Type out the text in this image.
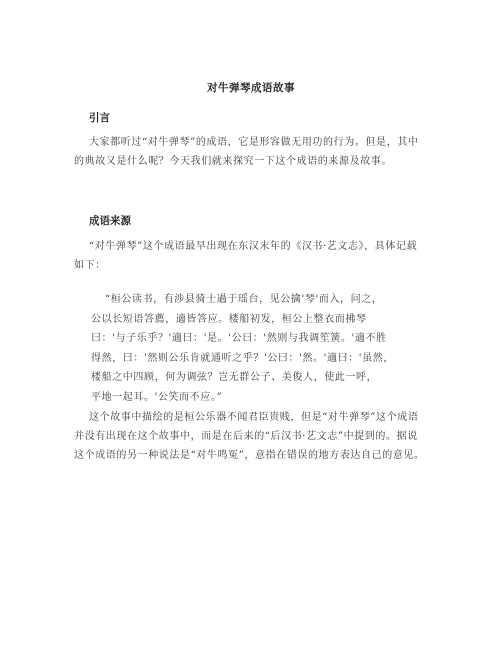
对牛弹琴成语故事
引言

大家都听过“对牛弹琴”的成语，它是形容做无用功的行为。但是，其中的典故又是什么呢？今天我们就来探究一下这个成语的来源及故事。

成语来源

“对牛弹琴”这个成语最早出现在东汉末年的《汉书·艺文志》，具体记载如下：

“桓公读书，有涉县骑士過于瑶台，见公擒'琴'而入，问之，
公以长短语答薦，適皆答应。楼船初发，桓公上整衣而拂琴
曰：'与子乐乎？'適曰：'是。'公曰：'然则与我调笙簧。'適不胜
得然，曰：'然则公乐肯就通听之乎？'公曰：'然。'適曰：'虽然，
楼船之中四顾，何为调弦？岂无群公子、美俊人，使此一呼，
平地一起耳。'公笑而不应。”

这个故事中描绘的是桓公乐器不闻君臣贵贱，但是“对牛弹琴”这个成语并没有出现在这个故事中，而是在后来的“后汉书·艺文志”中提到的。据说这个成语的另一种说法是“对牛鸣冤”，意指在错误的地方表达自己的意见。
